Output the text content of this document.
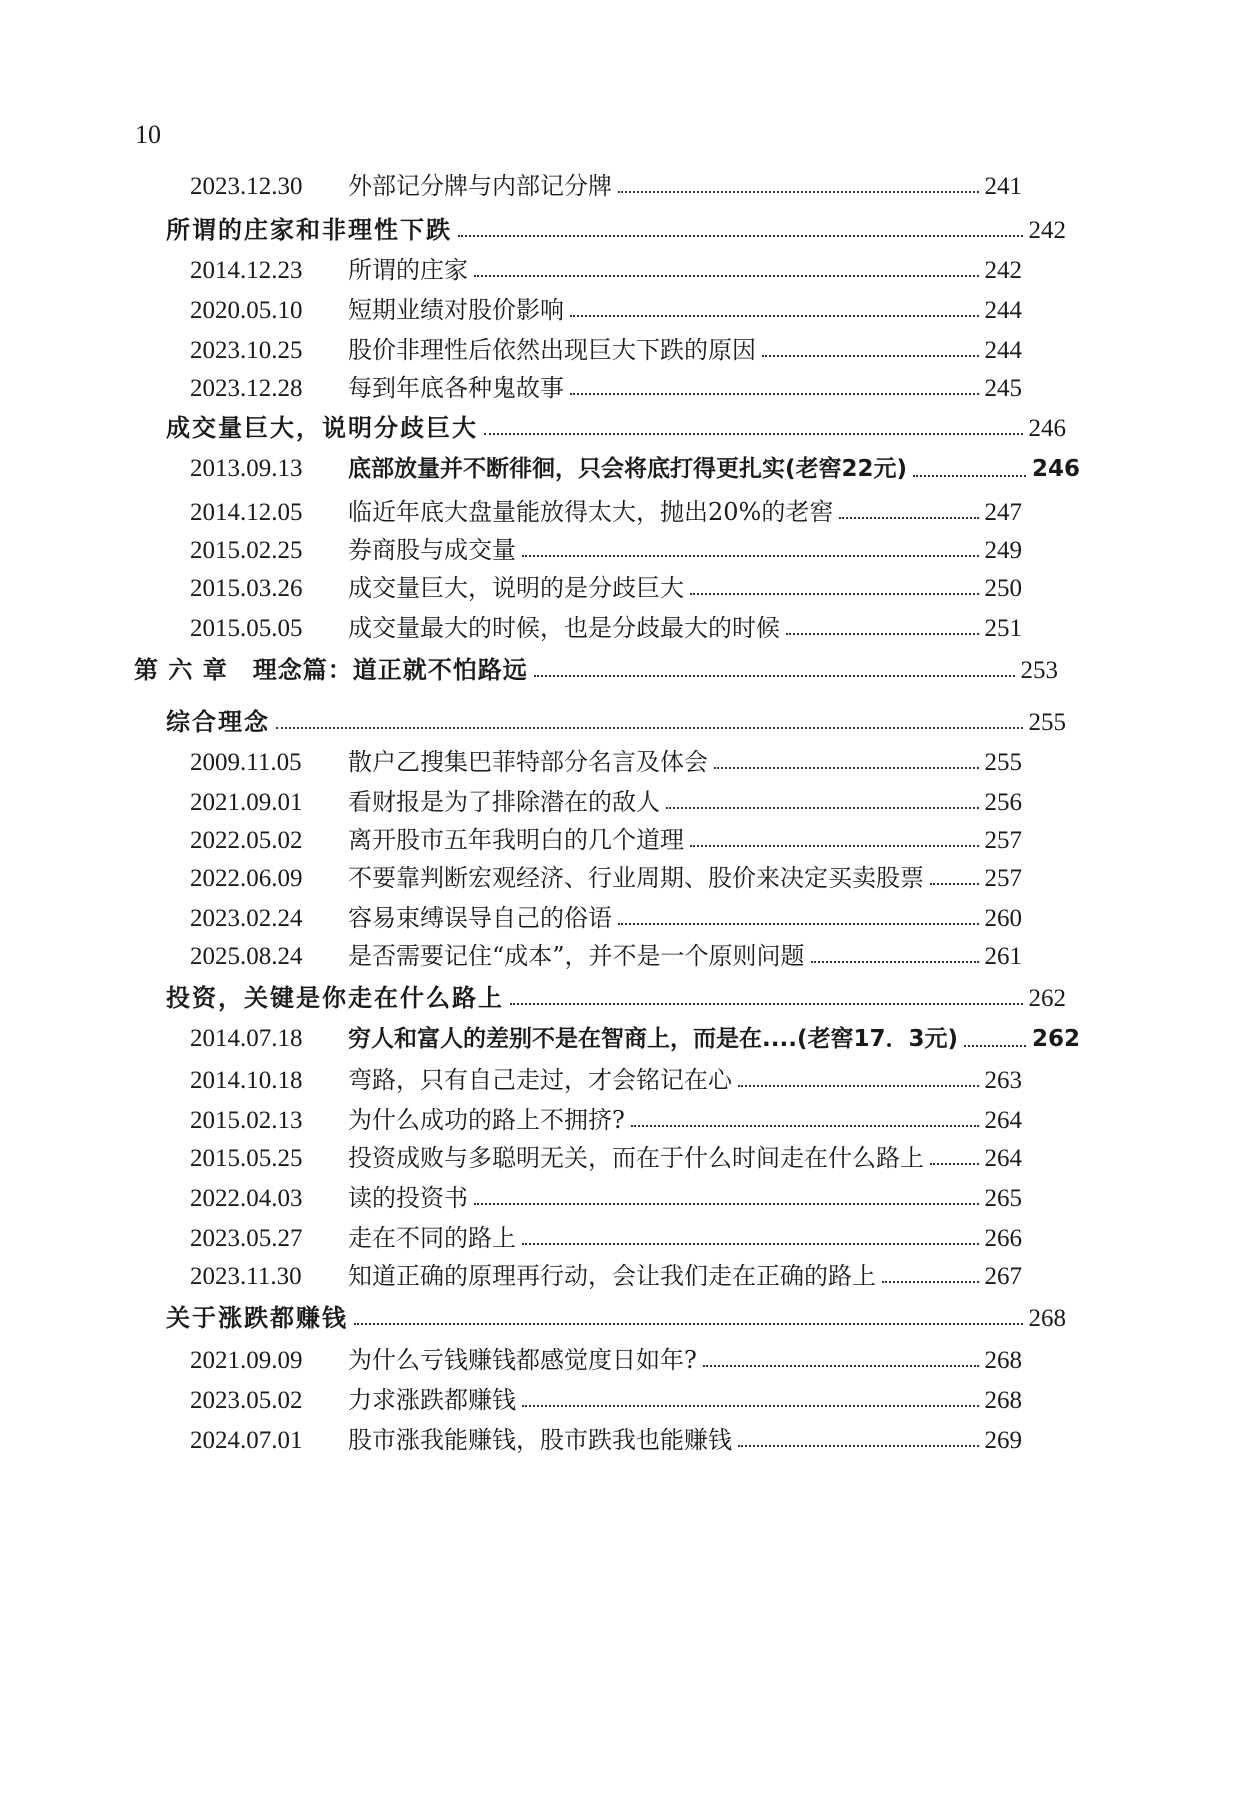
10
2023.12.30	外部记分牌与内部记分牌	241
所谓的庄家和非理性下跌	242
2014.12.23	所谓的庄家	242
2020.05.10	短期业绩对股价影响	244
2023.10.25	股价非理性后依然出现巨大下跌的原因	244
2023.12.28	每到年底各种鬼故事	245
成交量巨大，说明分歧巨大	246
2013.09.13	底部放量并不断徘徊，只会将底打得更扎实(老窖22元)	246
2014.12.05	临近年底大盘量能放得太大，抛出20%的老窖	247
2015.02.25	券商股与成交量	249
2015.03.26	成交量巨大，说明的是分歧巨大	250
2015.05.05	成交量最大的时候，也是分歧最大的时候	251
第 六 章　理念篇：道正就不怕路远	253
综合理念	255
2009.11.05	散户乙搜集巴菲特部分名言及体会	255
2021.09.01	看财报是为了排除潜在的敌人	256
2022.05.02	离开股市五年我明白的几个道理	257
2022.06.09	不要靠判断宏观经济、行业周期、股价来决定买卖股票 257
2023.02.24	容易束缚误导自己的俗语	260
2025.08.24	是否需要记住“成本”，并不是一个原则问题	261
投资，关键是你走在什么路上	262
2014.07.18	穷人和富人的差别不是在智商上，而是在....(老窖17．3元)	262
2014.10.18	弯路，只有自己走过，才会铭记在心	263
2015.02.13	为什么成功的路上不拥挤?	264
2015.05.25	投资成败与多聪明无关，而在于什么时间走在什么路上 264
2022.04.03	读的投资书	265
2023.05.27	走在不同的路上	266
2023.11.30	知道正确的原理再行动，会让我们走在正确的路上	267
关于涨跌都赚钱	268
2021.09.09	为什么亏钱赚钱都感觉度日如年?	268
2023.05.02	力求涨跌都赚钱	268
2024.07.01	股市涨我能赚钱，股市跌我也能赚钱	269
